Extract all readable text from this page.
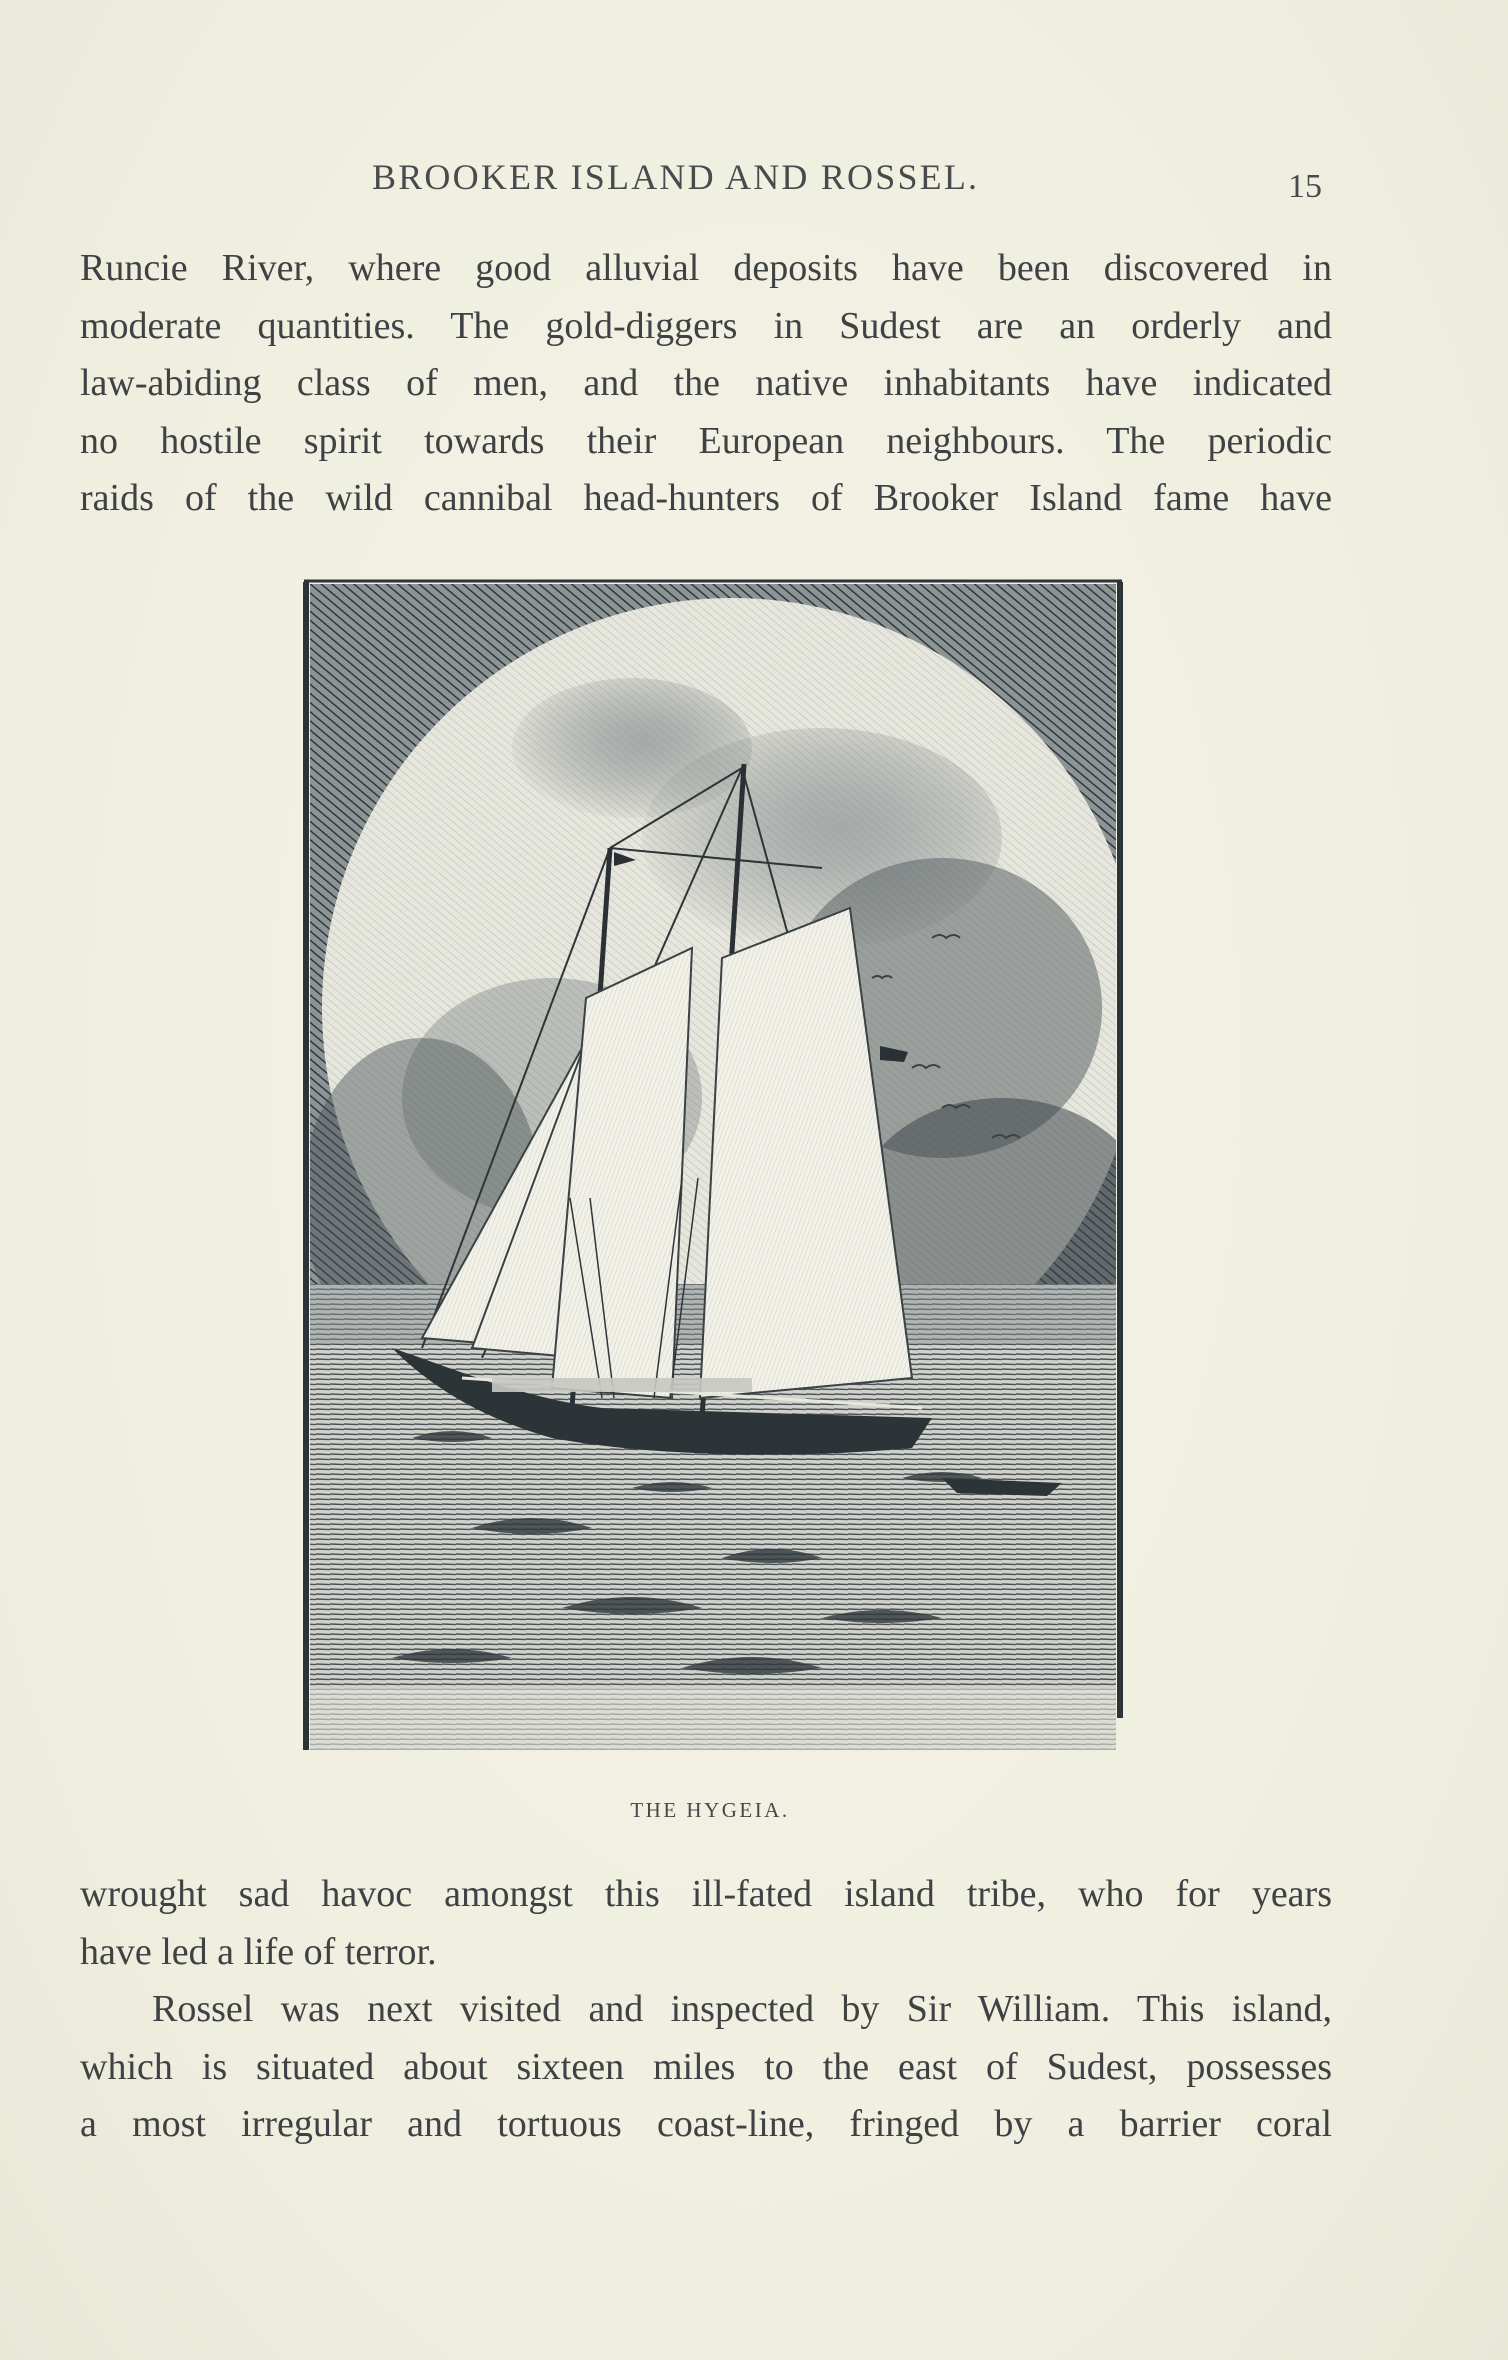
BROOKER ISLAND AND ROSSEL.	15

Runcie River, where good alluvial deposits have been discovered in

moderate quantities. The gold-diggers in Sudest are an orderly and

law-abiding class of men, and the native inhabitants have indicated

no hostile spirit towards their European neighbours. The periodic

raids of the wild cannibal head-hunters of Brooker Island fame have

THE HYGEIA.

wrought sad havoc amongst this ill-fated island tribe, who for years

have led a life of terror.

Rossel was next visited and inspected by Sir William. This island,

which is situated about sixteen miles to the east of Sudest, possesses

a most irregular and tortuous coast-line, fringed by a barrier coral
